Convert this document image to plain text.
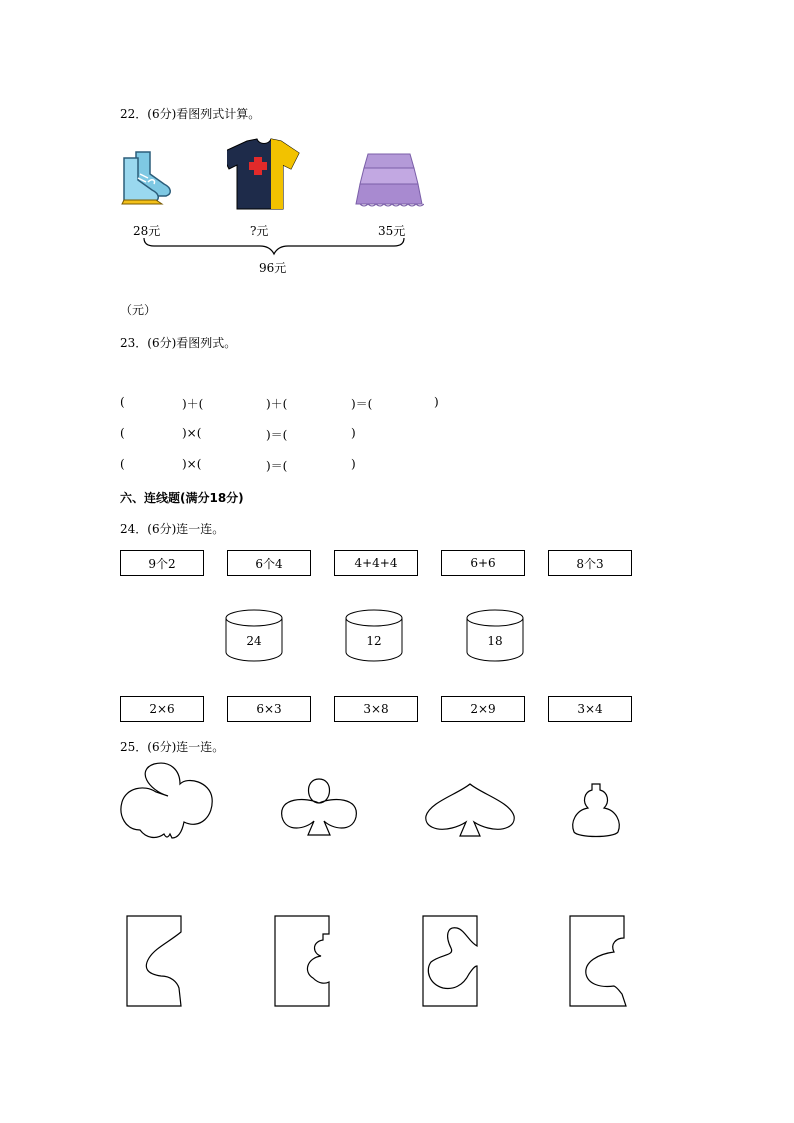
22．(6分)看图列式计算。
28元	?元	35元
96元
（元）
23．(6分)看图列式。
(	)＋(	)＋(	)＝(	)
(	)×(	)＝(	)
(	)×(	)＝(	)
六、连线题(满分18分)
24．(6分)连一连。
9个2	6个4	4+4+4	6+6	8个3
24	12	18
2×6	6×3	3×8	2×9	3×4
25．(6分)连一连。
